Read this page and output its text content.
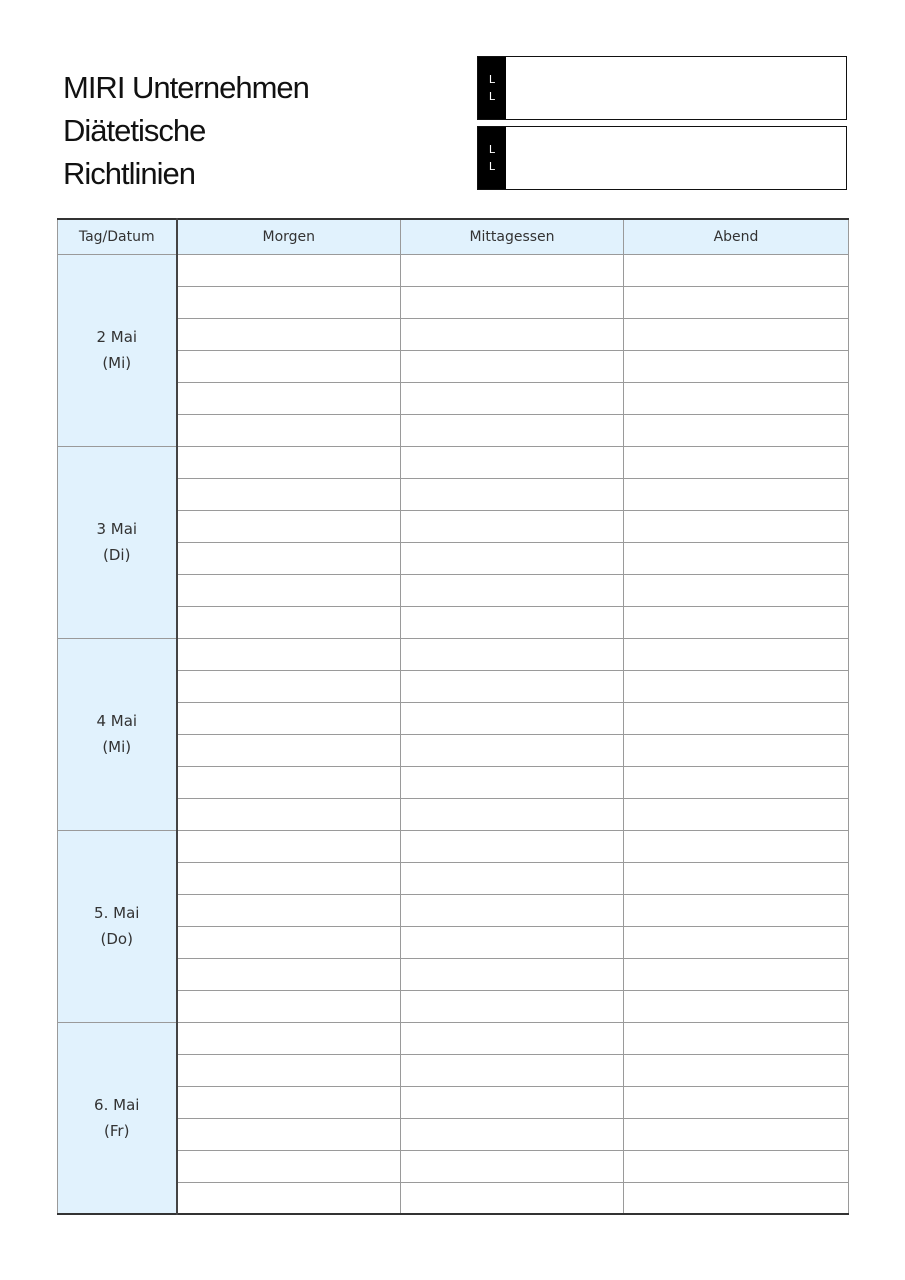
MIRI Unternehmen
Diätetische
Richtlinien
L
L
L
L
Tag/Datum	Morgen	Mittagessen	Abend

2 Mai
(Mi)			

3 Mai
(Di)			

4 Mai
(Mi)			

5. Mai
(Do)			

6. Mai
(Fr)			
